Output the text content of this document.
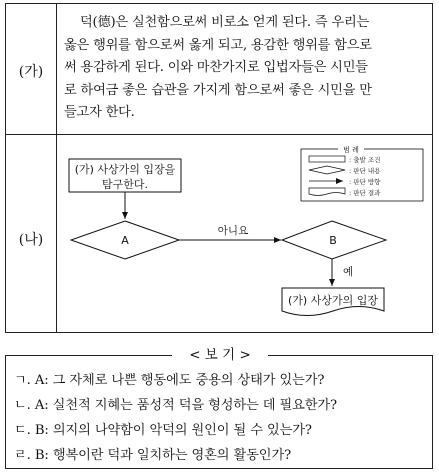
(가)
(나)
덕(德)은 실천함으로써 비로소 얻게 된다. 즉 우리는
옳은 행위를 함으로써 옳게 되고, 용감한 행위를 함으로
써 용감하게 된다. 이와 마찬가지로 입법자들은 시민들
로 하여금 좋은 습관을 가지게 함으로써 좋은 시민을 만
들고자 한다.
(가) 사상가의 입장을
탐구한다.
A
아니요
B
예
(가) 사상가의 입장
범 례
: 출발 조건
: 판단 내용
: 판단 방향
: 판단 결과
< 보 기 >
ㄱ. A: 그 자체로 나쁜 행동에도 중용의 상태가 있는가?
ㄴ. A: 실천적 지혜는 품성적 덕을 형성하는 데 필요한가?
ㄷ. B: 의지의 나약함이 악덕의 원인이 될 수 있는가?
ㄹ. B: 행복이란 덕과 일치하는 영혼의 활동인가?
